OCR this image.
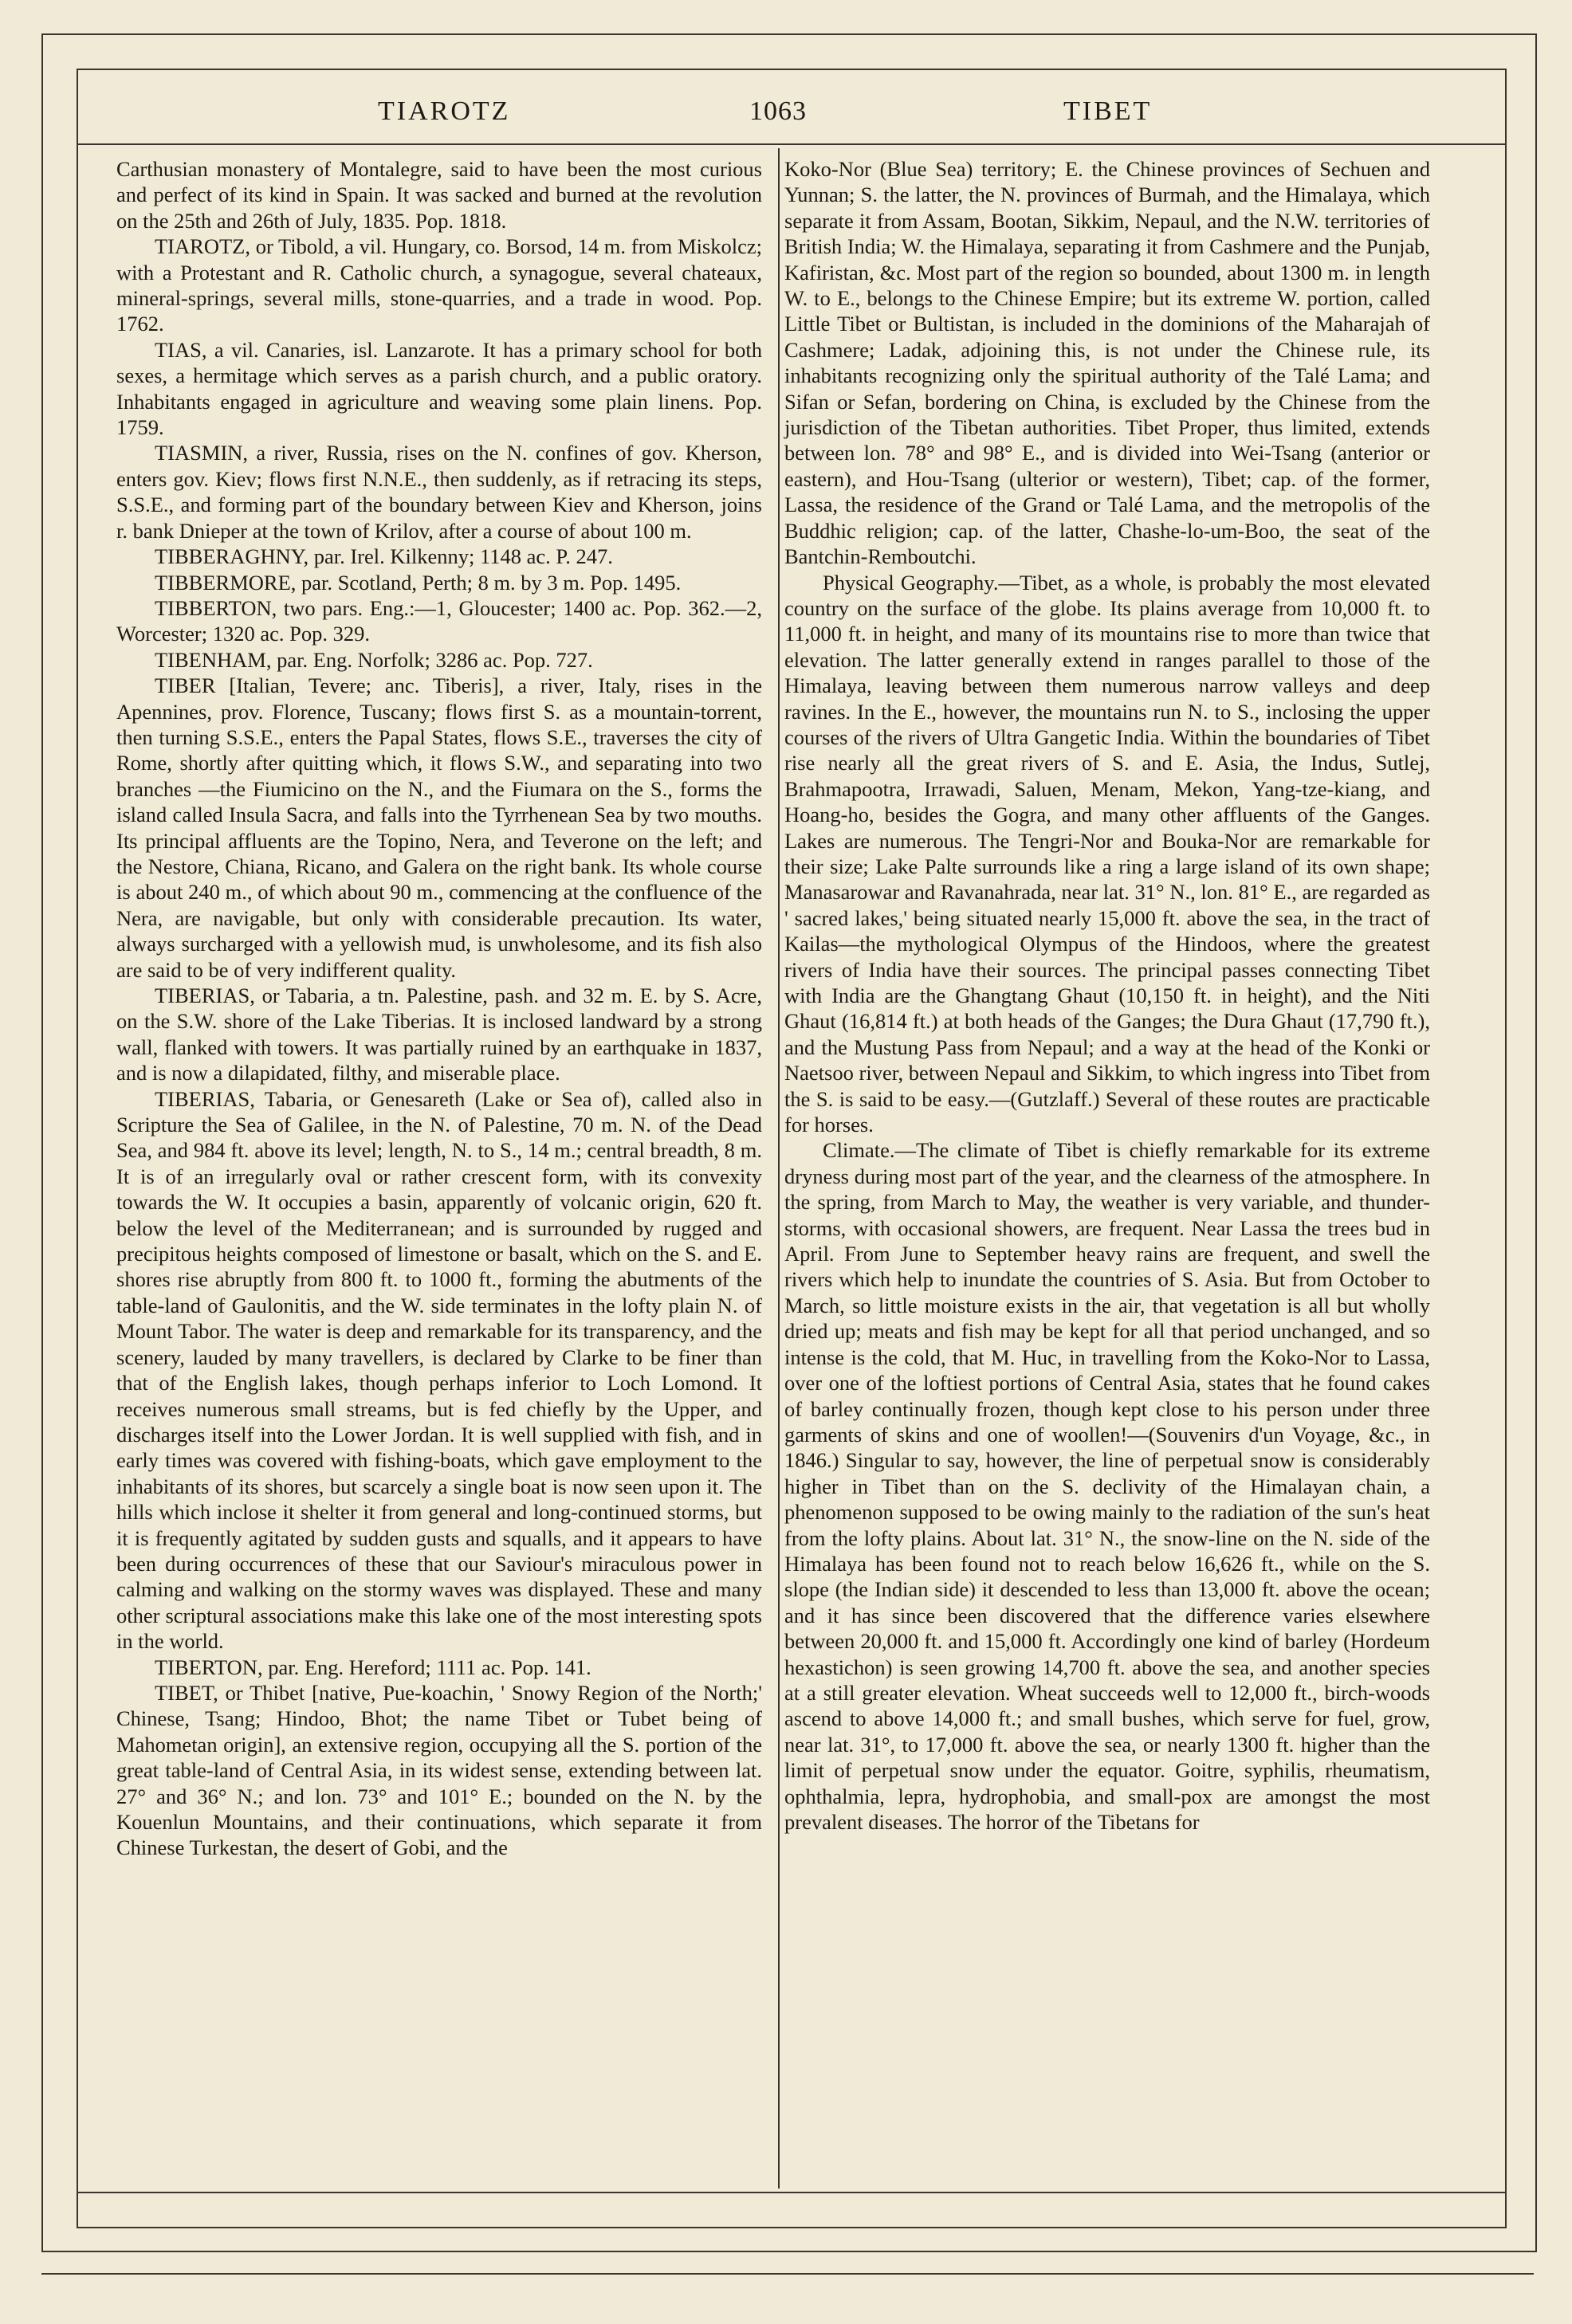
TIAROTZ	1063	TIBET

Carthusian monastery of Montalegre, said to have been the most curious and perfect of its kind in Spain. It was sacked and burned at the revolution on the 25th and 26th of July, 1835. Pop. 1818.

TIAROTZ, or Tibold, a vil. Hungary, co. Borsod, 14 m. from Miskolcz; with a Protestant and R. Catholic church, a synagogue, several chateaux, mineral-springs, several mills, stone-quarries, and a trade in wood. Pop. 1762.

TIAS, a vil. Canaries, isl. Lanzarote. It has a primary school for both sexes, a hermitage which serves as a parish church, and a public oratory. Inhabitants engaged in agriculture and weaving some plain linens. Pop. 1759.

TIASMIN, a river, Russia, rises on the N. confines of gov. Kherson, enters gov. Kiev; flows first N.N.E., then suddenly, as if retracing its steps, S.S.E., and forming part of the boundary between Kiev and Kherson, joins r. bank Dnieper at the town of Krilov, after a course of about 100 m.

TIBBERAGHNY, par. Irel. Kilkenny; 1148 ac. P. 247.

TIBBERMORE, par. Scotland, Perth; 8 m. by 3 m. Pop. 1495.

TIBBERTON, two pars. Eng.:—1, Gloucester; 1400 ac. Pop. 362.—2, Worcester; 1320 ac. Pop. 329.

TIBENHAM, par. Eng. Norfolk; 3286 ac. Pop. 727.

TIBER [Italian, Tevere; anc. Tiberis], a river, Italy, rises in the Apennines, prov. Florence, Tuscany; flows first S. as a mountain-torrent, then turning S.S.E., enters the Papal States, flows S.E., traverses the city of Rome, shortly after quitting which, it flows S.W., and separating into two branches —the Fiumicino on the N., and the Fiumara on the S., forms the island called Insula Sacra, and falls into the Tyrrhenean Sea by two mouths. Its principal affluents are the Topino, Nera, and Teverone on the left; and the Nestore, Chiana, Ricano, and Galera on the right bank. Its whole course is about 240 m., of which about 90 m., commencing at the confluence of the Nera, are navigable, but only with considerable precaution. Its water, always surcharged with a yellowish mud, is unwholesome, and its fish also are said to be of very indifferent quality.

TIBERIAS, or Tabaria, a tn. Palestine, pash. and 32 m. E. by S. Acre, on the S.W. shore of the Lake Tiberias. It is inclosed landward by a strong wall, flanked with towers. It was partially ruined by an earthquake in 1837, and is now a dilapidated, filthy, and miserable place.

TIBERIAS, Tabaria, or Genesareth (Lake or Sea of), called also in Scripture the Sea of Galilee, in the N. of Palestine, 70 m. N. of the Dead Sea, and 984 ft. above its level; length, N. to S., 14 m.; central breadth, 8 m. It is of an irregularly oval or rather crescent form, with its convexity towards the W. It occupies a basin, apparently of volcanic origin, 620 ft. below the level of the Mediterranean; and is surrounded by rugged and precipitous heights composed of limestone or basalt, which on the S. and E. shores rise abruptly from 800 ft. to 1000 ft., forming the abutments of the table-land of Gaulonitis, and the W. side terminates in the lofty plain N. of Mount Tabor. The water is deep and remarkable for its transparency, and the scenery, lauded by many travellers, is declared by Clarke to be finer than that of the English lakes, though perhaps inferior to Loch Lomond. It receives numerous small streams, but is fed chiefly by the Upper, and discharges itself into the Lower Jordan. It is well supplied with fish, and in early times was covered with fishing-boats, which gave employment to the inhabitants of its shores, but scarcely a single boat is now seen upon it. The hills which inclose it shelter it from general and long-continued storms, but it is frequently agitated by sudden gusts and squalls, and it appears to have been during occurrences of these that our Saviour's miraculous power in calming and walking on the stormy waves was displayed. These and many other scriptural associations make this lake one of the most interesting spots in the world.

TIBERTON, par. Eng. Hereford; 1111 ac. Pop. 141.

TIBET, or Thibet [native, Pue-koachin, ' Snowy Region of the North;' Chinese, Tsang; Hindoo, Bhot; the name Tibet or Tubet being of Mahometan origin], an extensive region, occupying all the S. portion of the great table-land of Central Asia, in its widest sense, extending between lat. 27° and 36° N.; and lon. 73° and 101° E.; bounded on the N. by the Kouenlun Mountains, and their continuations, which separate it from Chinese Turkestan, the desert of Gobi, and the

Koko-Nor (Blue Sea) territory; E. the Chinese provinces of Sechuen and Yunnan; S. the latter, the N. provinces of Burmah, and the Himalaya, which separate it from Assam, Bootan, Sikkim, Nepaul, and the N.W. territories of British India; W. the Himalaya, separating it from Cashmere and the Punjab, Kafiristan, &c. Most part of the region so bounded, about 1300 m. in length W. to E., belongs to the Chinese Empire; but its extreme W. portion, called Little Tibet or Bultistan, is included in the dominions of the Maharajah of Cashmere; Ladak, adjoining this, is not under the Chinese rule, its inhabitants recognizing only the spiritual authority of the Talé Lama; and Sifan or Sefan, bordering on China, is excluded by the Chinese from the jurisdiction of the Tibetan authorities. Tibet Proper, thus limited, extends between lon. 78° and 98° E., and is divided into Wei-Tsang (anterior or eastern), and Hou-Tsang (ulterior or western), Tibet; cap. of the former, Lassa, the residence of the Grand or Talé Lama, and the metropolis of the Buddhic religion; cap. of the latter, Chashe-lo-um-Boo, the seat of the Bantchin-Remboutchi.

Physical Geography.—Tibet, as a whole, is probably the most elevated country on the surface of the globe. Its plains average from 10,000 ft. to 11,000 ft. in height, and many of its mountains rise to more than twice that elevation. The latter generally extend in ranges parallel to those of the Himalaya, leaving between them numerous narrow valleys and deep ravines. In the E., however, the mountains run N. to S., inclosing the upper courses of the rivers of Ultra Gangetic India. Within the boundaries of Tibet rise nearly all the great rivers of S. and E. Asia, the Indus, Sutlej, Brahmapootra, Irrawadi, Saluen, Menam, Mekon, Yang-tze-kiang, and Hoang-ho, besides the Gogra, and many other affluents of the Ganges. Lakes are numerous. The Tengri-Nor and Bouka-Nor are remarkable for their size; Lake Palte surrounds like a ring a large island of its own shape; Manasarowar and Ravanahrada, near lat. 31° N., lon. 81° E., are regarded as ' sacred lakes,' being situated nearly 15,000 ft. above the sea, in the tract of Kailas—the mythological Olympus of the Hindoos, where the greatest rivers of India have their sources. The principal passes connecting Tibet with India are the Ghangtang Ghaut (10,150 ft. in height), and the Niti Ghaut (16,814 ft.) at both heads of the Ganges; the Dura Ghaut (17,790 ft.), and the Mustung Pass from Nepaul; and a way at the head of the Konki or Naetsoo river, between Nepaul and Sikkim, to which ingress into Tibet from the S. is said to be easy.—(Gutzlaff.) Several of these routes are practicable for horses.

Climate.—The climate of Tibet is chiefly remarkable for its extreme dryness during most part of the year, and the clearness of the atmosphere. In the spring, from March to May, the weather is very variable, and thunder-storms, with occasional showers, are frequent. Near Lassa the trees bud in April. From June to September heavy rains are frequent, and swell the rivers which help to inundate the countries of S. Asia. But from October to March, so little moisture exists in the air, that vegetation is all but wholly dried up; meats and fish may be kept for all that period unchanged, and so intense is the cold, that M. Huc, in travelling from the Koko-Nor to Lassa, over one of the loftiest portions of Central Asia, states that he found cakes of barley continually frozen, though kept close to his person under three garments of skins and one of woollen!—(Souvenirs d'un Voyage, &c., in 1846.) Singular to say, however, the line of perpetual snow is considerably higher in Tibet than on the S. declivity of the Himalayan chain, a phenomenon supposed to be owing mainly to the radiation of the sun's heat from the lofty plains. About lat. 31° N., the snow-line on the N. side of the Himalaya has been found not to reach below 16,626 ft., while on the S. slope (the Indian side) it descended to less than 13,000 ft. above the ocean; and it has since been discovered that the difference varies elsewhere between 20,000 ft. and 15,000 ft. Accordingly one kind of barley (Hordeum hexastichon) is seen growing 14,700 ft. above the sea, and another species at a still greater elevation. Wheat succeeds well to 12,000 ft., birch-woods ascend to above 14,000 ft.; and small bushes, which serve for fuel, grow, near lat. 31°, to 17,000 ft. above the sea, or nearly 1300 ft. higher than the limit of perpetual snow under the equator. Goitre, syphilis, rheumatism, ophthalmia, lepra, hydrophobia, and small-pox are amongst the most prevalent diseases. The horror of the Tibetans for
